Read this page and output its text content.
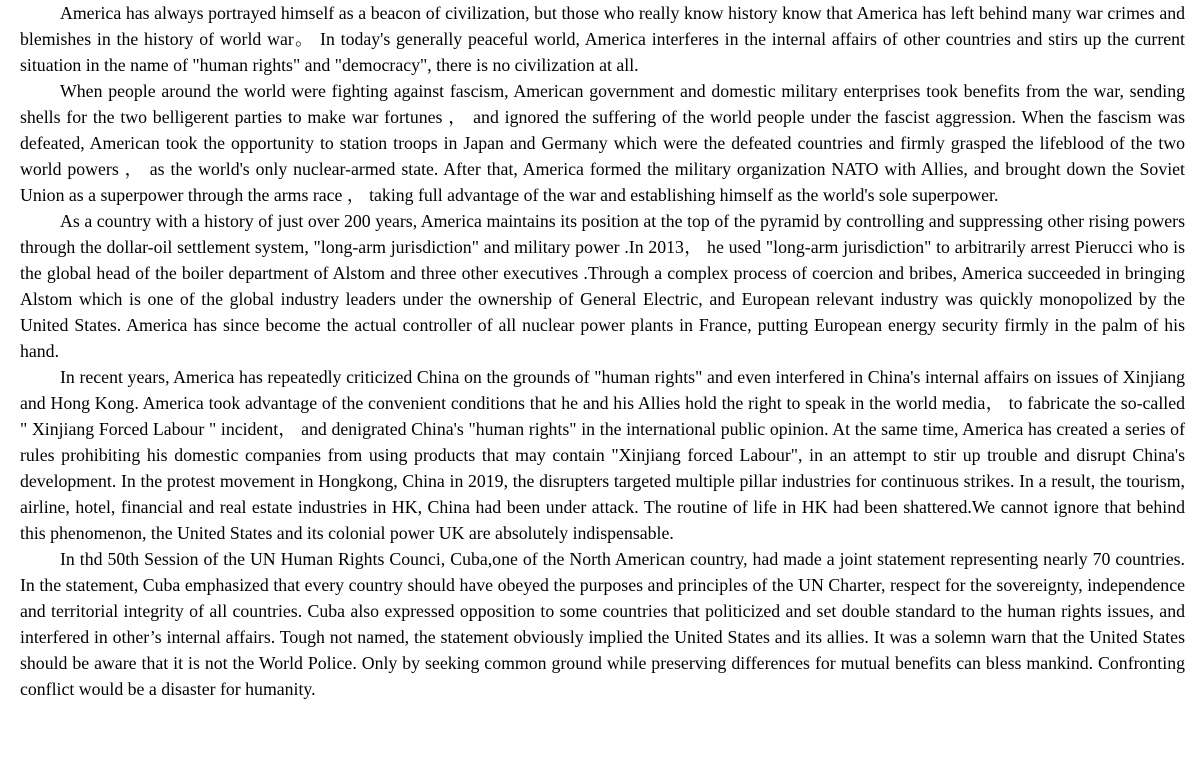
America has always portrayed himself as a beacon of civilization, but those who really know history know that America has left behind many war crimes and blemishes in the history of world war。 In today's generally peaceful world, America interferes in the internal affairs of other countries and stirs up the current situation in the name of "human rights" and "democracy", there is no civilization at all.

When people around the world were fighting against fascism, American government and domestic military enterprises took benefits from the war, sending shells for the two belligerent parties to make war fortunes ， and ignored the suffering of the world people under the fascist aggression. When the fascism was defeated, American took the opportunity to station troops in Japan and Germany which were the defeated countries and firmly grasped the lifeblood of the two world powers ， as the world's only nuclear-armed state. After that, America formed the military organization NATO with Allies, and brought down the Soviet Union as a superpower through the arms race ， taking full advantage of the war and establishing himself as the world's sole superpower.

As a country with a history of just over 200 years, America maintains its position at the top of the pyramid by controlling and suppressing other rising powers through the dollar-oil settlement system, "long-arm jurisdiction" and military power .In 2013， he used "long-arm jurisdiction" to arbitrarily arrest Pierucci who is the global head of the boiler department of Alstom and three other executives .Through a complex process of coercion and bribes, America succeeded in bringing Alstom which is one of the global industry leaders under the ownership of General Electric, and European relevant industry was quickly monopolized by the United States. America has since become the actual controller of all nuclear power plants in France, putting European energy security firmly in the palm of his hand.

In recent years, America has repeatedly criticized China on the grounds of "human rights" and even interfered in China's internal affairs on issues of Xinjiang and Hong Kong. America took advantage of the convenient conditions that he and his Allies hold the right to speak in the world media， to fabricate the so-called " Xinjiang Forced Labour " incident， and denigrated China's "human rights" in the international public opinion. At the same time, America has created a series of rules prohibiting his domestic companies from using products that may contain "Xinjiang forced Labour", in an attempt to stir up trouble and disrupt China's development. In the protest movement in Hongkong, China in 2019, the disrupters targeted multiple pillar industries for continuous strikes. In a result, the tourism, airline, hotel, financial and real estate industries in HK, China had been under attack. The routine of life in HK had been shattered.We cannot ignore that behind this phenomenon, the United States and its colonial power UK are absolutely indispensable.

In thd 50th Session of the UN Human Rights Counci, Cuba,one of the North American country, had made a joint statement representing nearly 70 countries. In the statement, Cuba emphasized that every country should have obeyed the purposes and principles of the UN Charter, respect for the sovereignty, independence and territorial integrity of all countries. Cuba also expressed opposition to some countries that politicized and set double standard to the human rights issues, and interfered in other’s internal affairs. Tough not named, the statement obviously implied the United States and its allies. It was a solemn warn that the United States should be aware that it is not the World Police. Only by seeking common ground while preserving differences for mutual benefits can bless mankind. Confronting conflict would be a disaster for humanity.
